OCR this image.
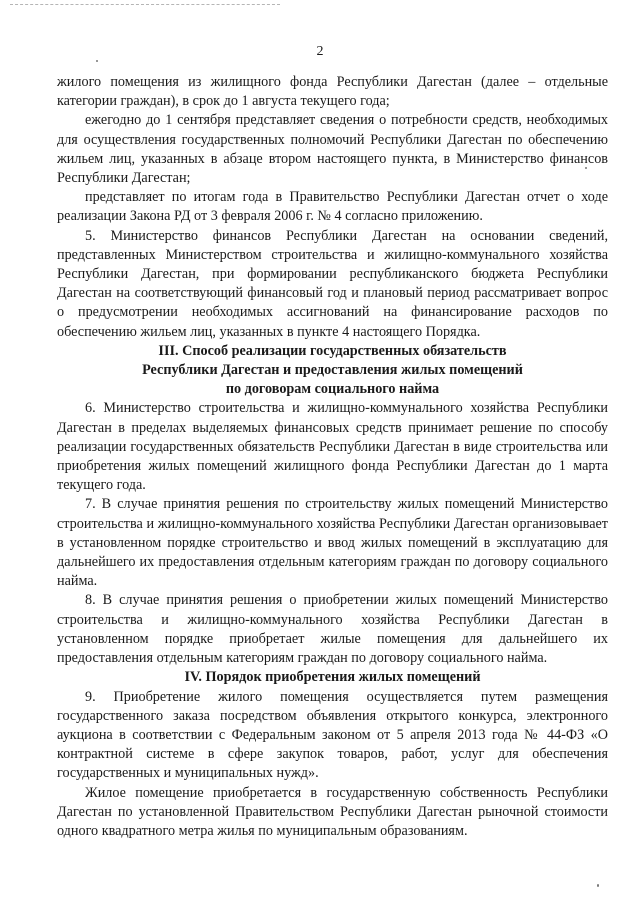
2

жилого помещения из жилищного фонда Республики Дагестан (далее – отдельные категории граждан), в срок до 1 августа текущего года;

ежегодно до 1 сентября представляет сведения о потребности средств, необходимых для осуществления государственных полномочий Республики Дагестан по обеспечению жильем лиц, указанных в абзаце втором настоящего пункта, в Министерство финансов Республики Дагестан;

представляет по итогам года в Правительство Республики Дагестан отчет о ходе реализации Закона РД от 3 февраля 2006 г. № 4 согласно приложению.

5. Министерство финансов Республики Дагестан на основании сведений, представленных Министерством строительства и жилищно-коммунального хозяйства Республики Дагестан, при формировании республиканского бюджета Республики Дагестан на соответствующий финансовый год и плановый период рассматривает вопрос о предусмотрении необходимых ассигнований на финансирование расходов по обеспечению жильем лиц, указанных в пункте 4 настоящего Порядка.

III. Способ реализации государственных обязательств
Республики Дагестан и предоставления жилых помещений
по договорам социального найма

6. Министерство строительства и жилищно-коммунального хозяйства Республики Дагестан в пределах выделяемых финансовых средств принимает решение по способу реализации государственных обязательств Республики Дагестан в виде строительства или приобретения жилых помещений жилищного фонда Республики Дагестан до 1 марта текущего года.

7. В случае принятия решения по строительству жилых помещений Министерство строительства и жилищно-коммунального хозяйства Республики Дагестан организовывает в установленном порядке строительство и ввод жилых помещений в эксплуатацию для дальнейшего их предоставления отдельным категориям граждан по договору социального найма.

8. В случае принятия решения о приобретении жилых помещений Министерство строительства и жилищно-коммунального хозяйства Республики Дагестан в установленном порядке приобретает жилые помещения для дальнейшего их предоставления отдельным категориям граждан по договору социального найма.

IV. Порядок приобретения жилых помещений

9. Приобретение жилого помещения осуществляется путем размещения государственного заказа посредством объявления открытого конкурса, электронного аукциона в соответствии с Федеральным законом от 5 апреля 2013 года № 44-ФЗ «О контрактной системе в сфере закупок товаров, работ, услуг для обеспечения государственных и муниципальных нужд».

Жилое помещение приобретается в государственную собственность Республики Дагестан по установленной Правительством Республики Дагестан рыночной стоимости одного квадратного метра жилья по муниципальным образованиям.
